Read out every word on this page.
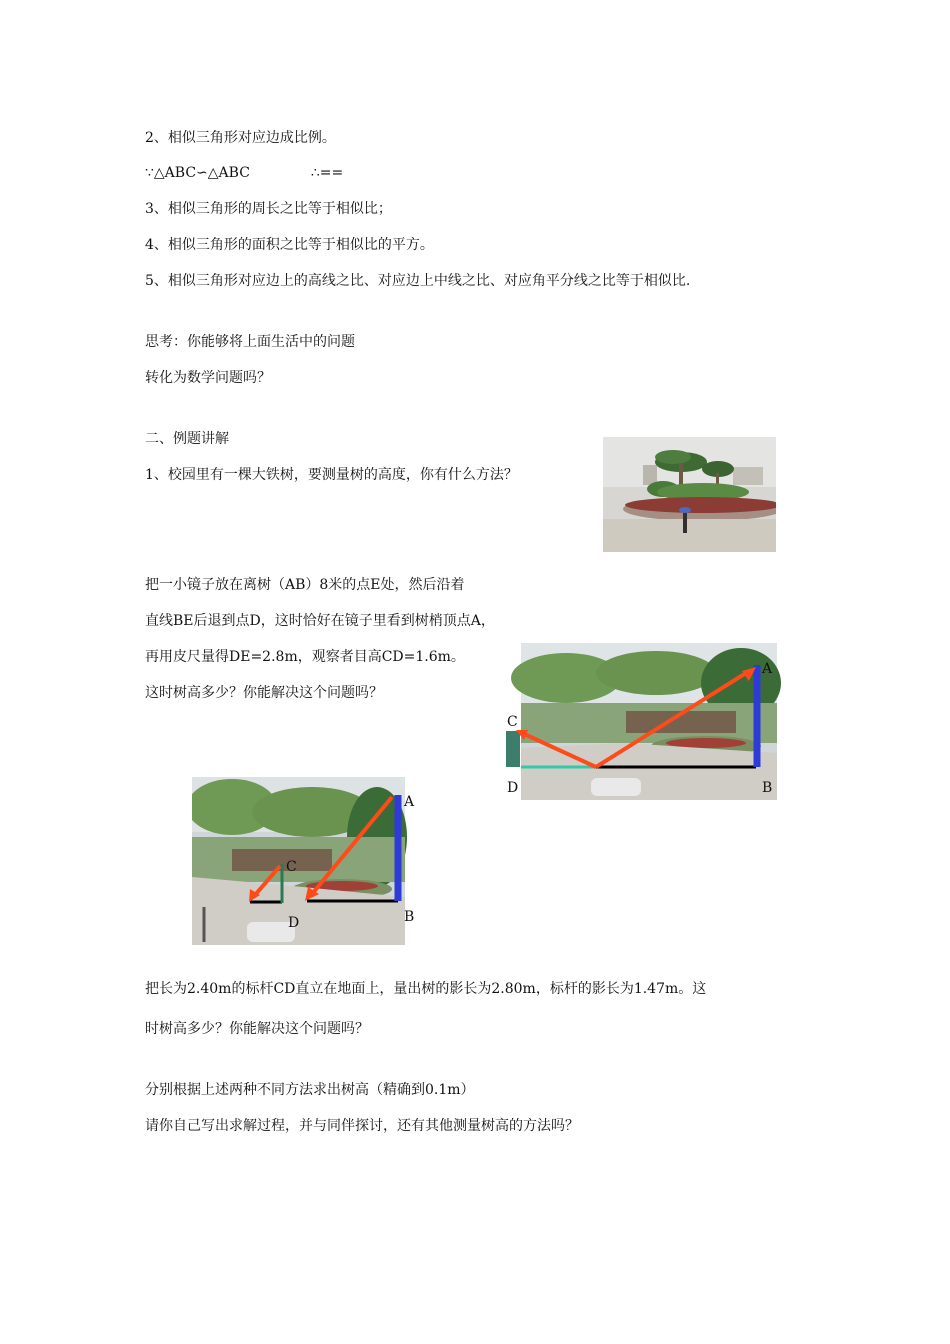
2、相似三角形对应边成比例。
∵△ABC∽△ABC	∴==
3、相似三角形的周长之比等于相似比；
4、相似三角形的面积之比等于相似比的平方。
5、相似三角形对应边上的高线之比、对应边上中线之比、对应角平分线之比等于相似比.
思考：你能够将上面生活中的问题
转化为数学问题吗？
二、例题讲解
1、校园里有一棵大铁树，要测量树的高度，你有什么方法？
把一小镜子放在离树（AB）8米的点E处，然后沿着
直线BE后退到点D，这时恰好在镜子里看到树梢顶点A，
再用皮尺量得DE=2.8m，观察者目高CD=1.6m。
这时树高多少？你能解决这个问题吗？
把长为2.40m的标杆CD直立在地面上，量出树的影长为2.80m，标杆的影长为1.47m。这
时树高多少？你能解决这个问题吗？
分别根据上述两种不同方法求出树高（精确到0.1m）
请你自己写出求解过程，并与同伴探讨，还有其他测量树高的方法吗？
A
B
C
D
A
B
C
D
